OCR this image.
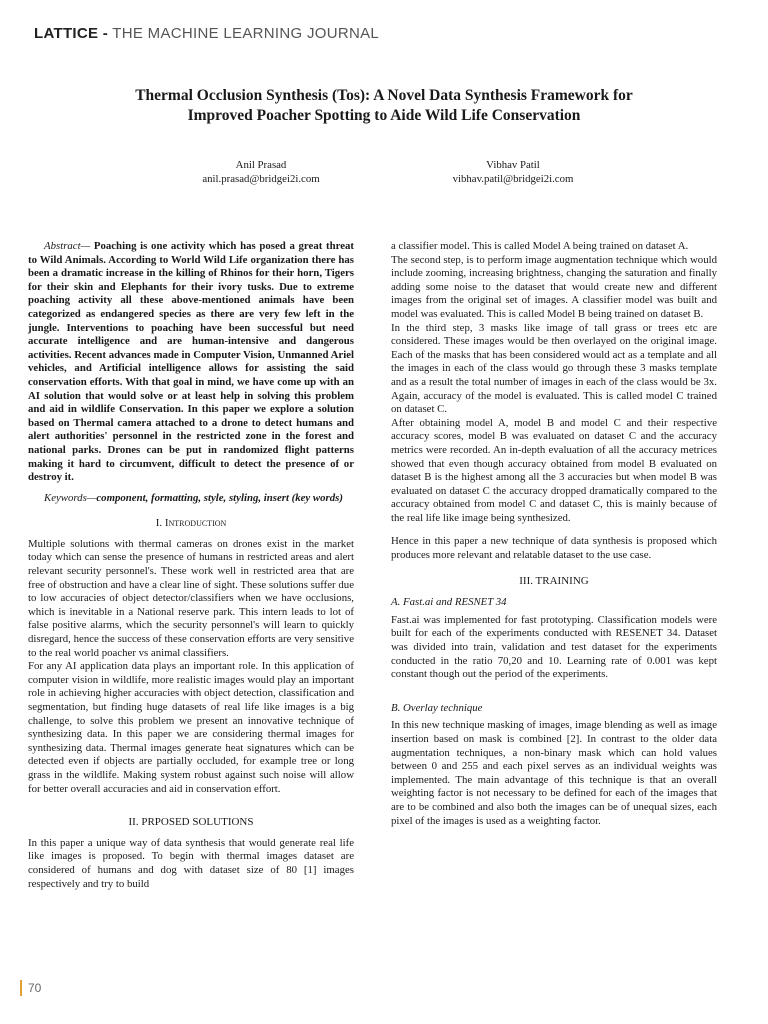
LATTICE - THE MACHINE LEARNING JOURNAL
Thermal Occlusion Synthesis (Tos): A Novel Data Synthesis Framework for
Improved Poacher Spotting to Aide Wild Life Conservation
Anil Prasad
anil.prasad@bridgei2i.com
Vibhav Patil
vibhav.patil@bridgei2i.com

Abstract— Poaching is one activity which has posed a great threat to Wild Animals. According to World Wild Life organization there has been a dramatic increase in the killing of Rhinos for their horn, Tigers for their skin and Elephants for their ivory tusks. Due to extreme poaching activity all these above-mentioned animals have been categorized as endangered species as there are very few left in the jungle. Interventions to poaching have been successful but need accurate intelligence and are human-intensive and dangerous activities. Recent advances made in Computer Vision, Unmanned Ariel vehicles, and Artificial intelligence allows for assisting the said conservation efforts. With that goal in mind, we have come up with an AI solution that would solve or at least help in solving this problem and aid in wildlife Conservation. In this paper we explore a solution based on Thermal camera attached to a drone to detect humans and alert authorities' personnel in the restricted zone in the forest and national parks. Drones can be put in randomized flight patterns making it hard to circumvent, difficult to detect the presence of or destroy it.

Keywords—component, formatting, style, styling, insert (key words)

I. Introduction

Multiple solutions with thermal cameras on drones exist in the market today which can sense the presence of humans in restricted areas and alert relevant security personnel's. These work well in restricted area that are free of obstruction and have a clear line of sight. These solutions suffer due to low accuracies of object detector/classifiers when we have occlusions, which is inevitable in a National reserve park. This intern leads to lot of false positive alarms, which the security personnel's will learn to quickly disregard, hence the success of these conservation efforts are very sensitive to the real world poacher vs animal classifiers.

For any AI application data plays an important role. In this application of computer vision in wildlife, more realistic images would play an important role in achieving higher accuracies with object detection, classification and segmentation, but finding huge datasets of real life like images is a big challenge, to solve this problem we present an innovative technique of synthesizing data. In this paper we are considering thermal images for synthesizing data. Thermal images generate heat signatures which can be detected even if objects are partially occluded, for example tree or long grass in the wildlife. Making system robust against such noise will allow for better overall accuracies and aid in conservation effort.

II. PRPOSED SOLUTIONS

In this paper a unique way of data synthesis that would generate real life like images is proposed. To begin with thermal images dataset are considered of humans and dog with dataset size of 80 [1] images respectively and try to build

a classifier model. This is called Model A being trained on dataset A.

The second step, is to perform image augmentation technique which would include zooming, increasing brightness, changing the saturation and finally adding some noise to the dataset that would create new and different images from the original set of images. A classifier model was built and model was evaluated. This is called Model B being trained on dataset B.

In the third step, 3 masks like image of tall grass or trees etc are considered. These images would be then overlayed on the original image. Each of the masks that has been considered would act as a template and all the images in each of the class would go through these 3 masks template and as a result the total number of images in each of the class would be 3x. Again, accuracy of the model is evaluated. This is called model C trained on dataset C.

After obtaining model A, model B and model C and their respective accuracy scores, model B was evaluated on dataset C and the accuracy metrics were recorded. An in-depth evaluation of all the accuracy metrices showed that even though accuracy obtained from model B evaluated on dataset B is the highest among all the 3 accuracies but when model B was evaluated on dataset C the accuracy dropped dramatically compared to the accuracy obtained from model C and dataset C, this is mainly because of the real life like image being synthesized.

Hence in this paper a new technique of data synthesis is proposed which produces more relevant and relatable dataset to the use case.

III. TRAINING

A. Fast.ai and RESNET 34

Fast.ai was implemented for fast prototyping. Classification models were built for each of the experiments conducted with RESENET 34. Dataset was divided into train, validation and test dataset for the experiments conducted in the ratio 70,20 and 10. Learning rate of 0.001 was kept constant though out the period of the experiments.

B. Overlay technique

In this new technique masking of images, image blending as well as image insertion based on mask is combined [2]. In contrast to the older data augmentation techniques, a non-binary mask which can hold values between 0 and 255 and each pixel serves as an individual weights was implemented. The main advantage of this technique is that an overall weighting factor is not necessary to be defined for each of the images that are to be combined and also both the images can be of unequal sizes, each pixel of the images is used as a weighting factor.

70
